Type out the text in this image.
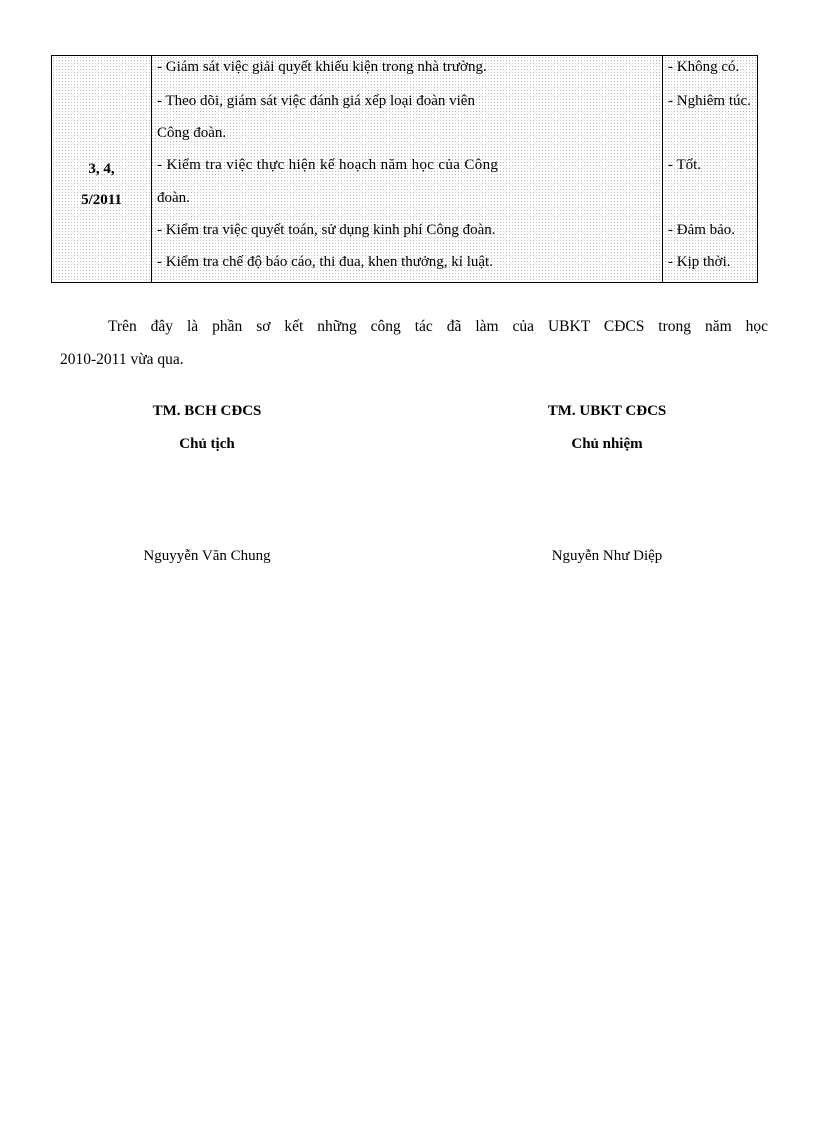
3, 4,
5/2011
- Giám sát việc giải quyết khiếu kiện trong nhà trường.
- Theo dõi, giám sát việc đánh giá xếp loại đoàn viên
Công đoàn.
- Kiểm tra việc thực hiện kế hoạch năm học của Công
đoàn.
- Kiểm tra việc quyết toán, sử dụng kinh phí Công đoàn.
- Kiểm tra chế độ báo cáo, thi đua, khen thưởng, kỉ luật.
- Không có.
- Nghiêm túc.
- Tốt.
- Đảm bảo.
- Kịp thời.
Trên đây là phần sơ kết những công tác đã làm của UBKT CĐCS trong năm học
2010-2011 vừa qua.
TM. BCH CĐCS
Chủ tịch
Nguyyễn Văn Chung
TM. UBKT CĐCS
Chủ nhiệm
Nguyễn Như Diệp
